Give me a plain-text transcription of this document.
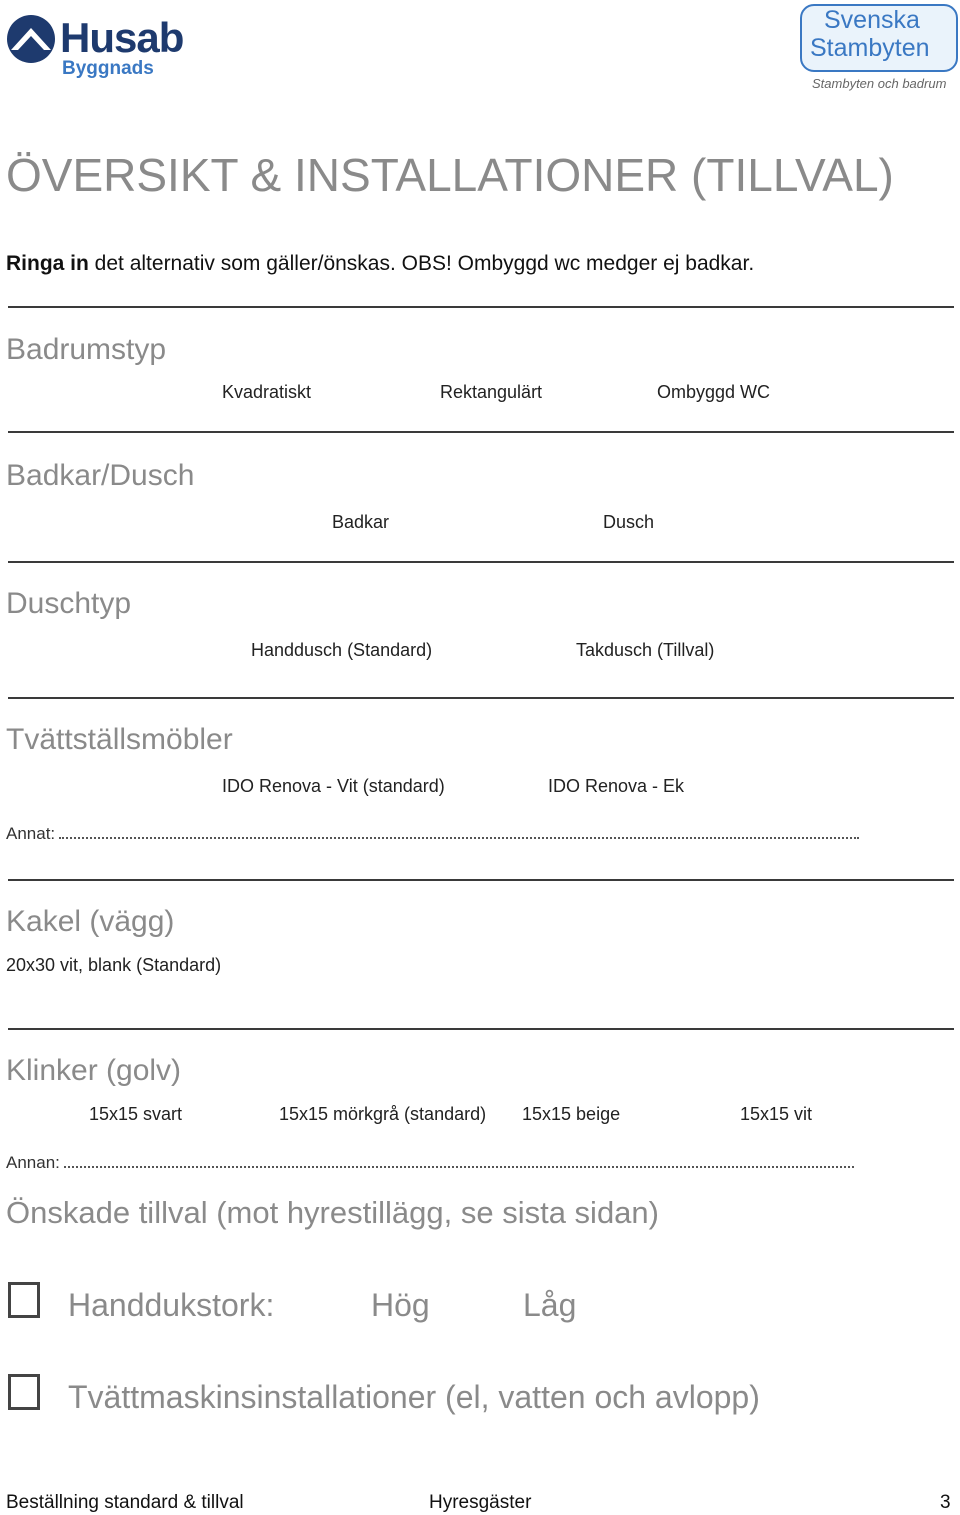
Husab
Byggnads
Svenska
Stambyten
Stambyten och badrum
ÖVERSIKT & INSTALLATIONER (TILLVAL)
Ringa in det alternativ som gäller/önskas. OBS! Ombyggd wc medger ej badkar.
Badrumstyp
Kvadratiskt	Rektangulärt	Ombyggd WC
Badkar/Dusch
Badkar	Dusch
Duschtyp
Handdusch (Standard)	Takdusch (Tillval)
Tvättställsmöbler
IDO Renova - Vit (standard)	IDO Renova - Ek
Annat:
Kakel (vägg)
20x30 vit, blank (Standard)
Klinker (golv)
15x15 svart	15x15 mörkgrå (standard) 15x15 beige	15x15 vit
Annan:
Önskade tillval (mot hyrestillägg, se sista sidan)
Handdukstork:	Hög	Låg
Tvättmaskinsinstallationer (el, vatten och avlopp)
Beställning standard & tillval	Hyresgäster	3
